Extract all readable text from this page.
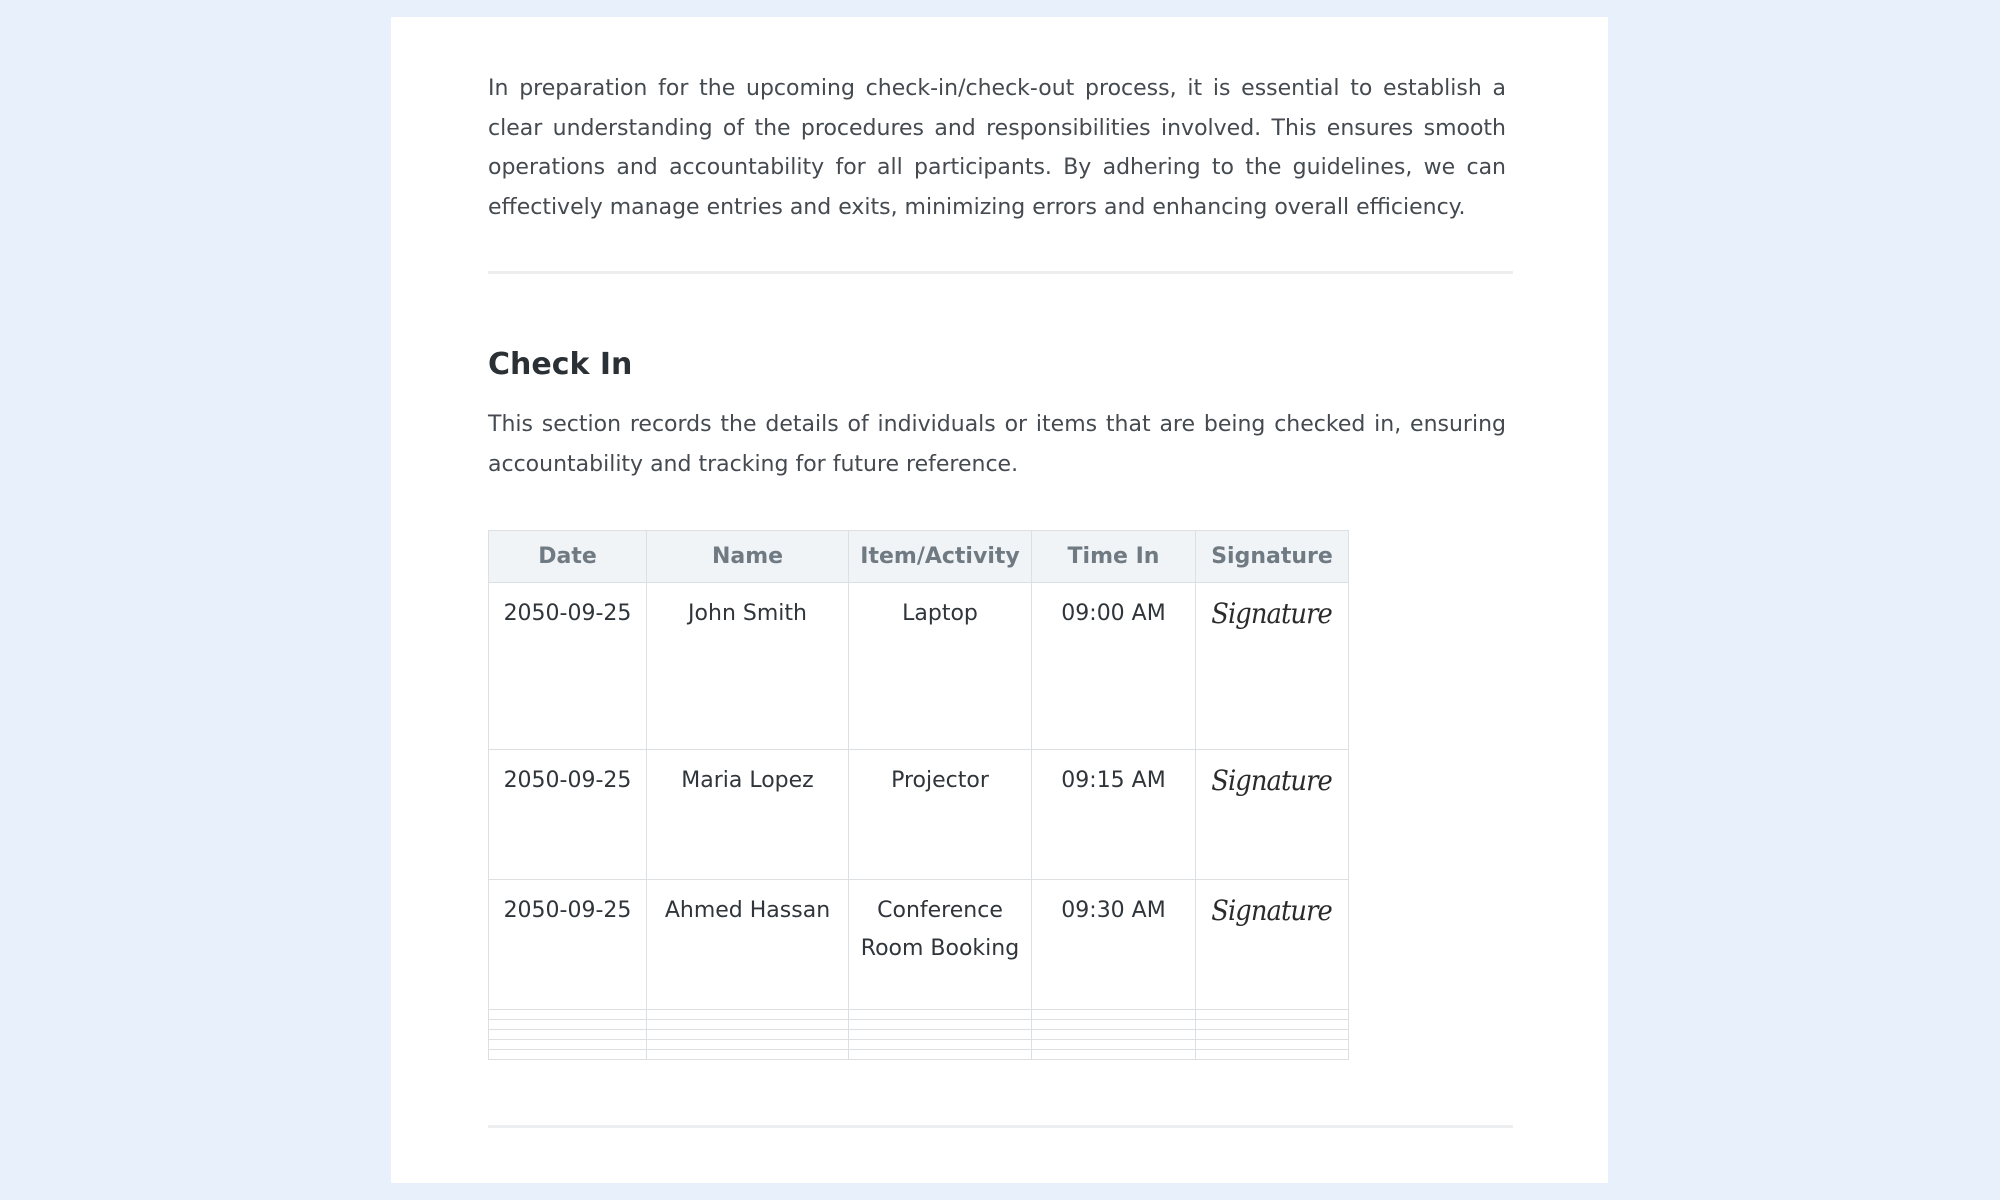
In preparation for the upcoming check-in/check-out process, it is essential to establish a clear understanding of the procedures and responsibilities involved. This ensures smooth operations and accountability for all participants. By adhering to the guidelines, we can effectively manage entries and exits, minimizing errors and enhancing overall efficiency.

Check In

This section records the details of individuals or items that are being checked in, ensuring accountability and tracking for future reference.

Date	Name	Item/Activity	Time In	Signature
2050-09-25	John Smith	Laptop	09:00 AM	Signature
2050-09-25	Maria Lopez	Projector	09:15 AM	Signature
2050-09-25	Ahmed Hassan	Conference Room Booking	09:30 AM	Signature
